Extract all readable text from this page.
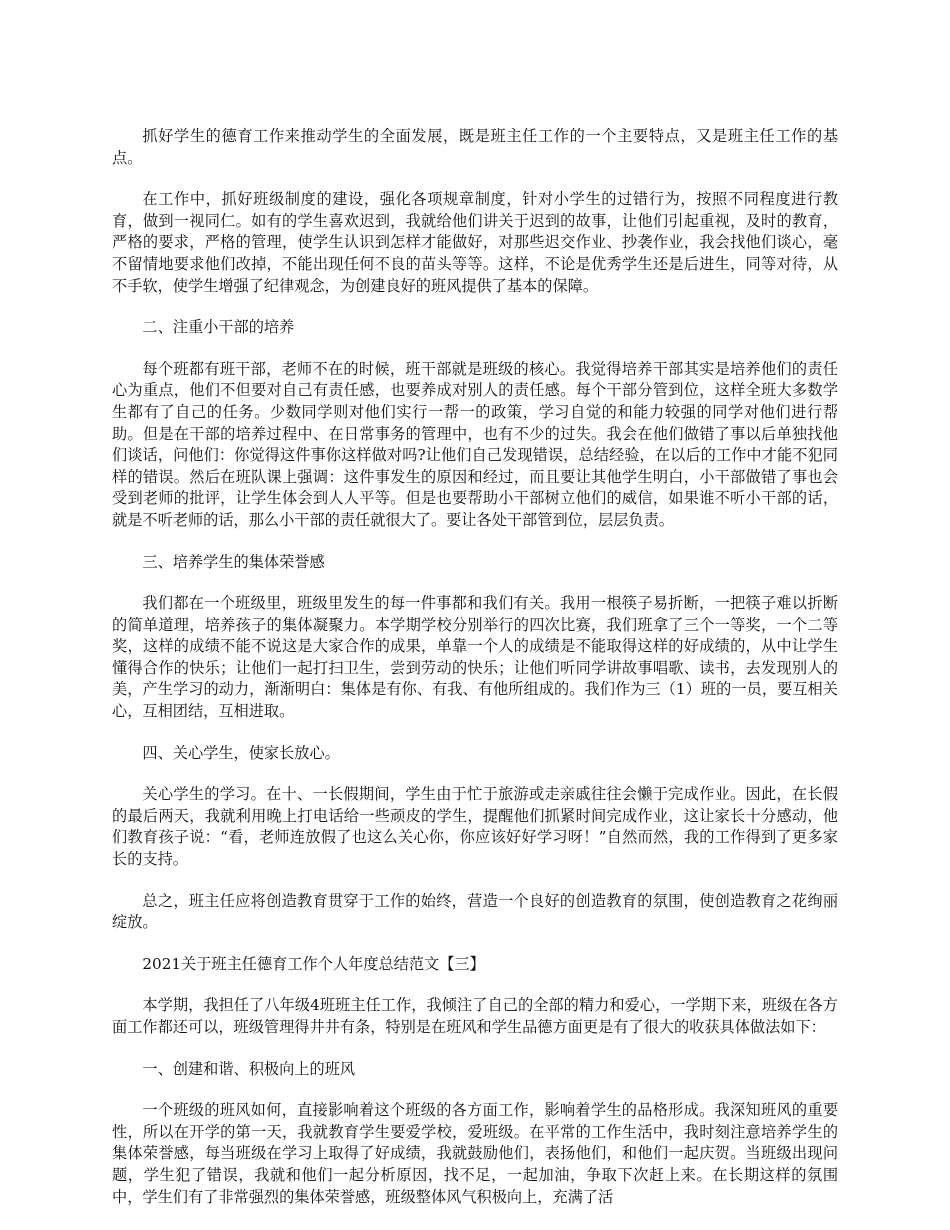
抓好学生的德育工作来推动学生的全面发展，既是班主任工作的一个主要特点，又是班主任工作的基点。

在工作中，抓好班级制度的建设，强化各项规章制度，针对小学生的过错行为，按照不同程度进行教育，做到一视同仁。如有的学生喜欢迟到，我就给他们讲关于迟到的故事，让他们引起重视，及时的教育，严格的要求，严格的管理，使学生认识到怎样才能做好，对那些迟交作业、抄袭作业，我会找他们谈心，毫不留情地要求他们改掉，不能出现任何不良的苗头等等。这样，不论是优秀学生还是后进生，同等对待，从不手软，使学生增强了纪律观念，为创建良好的班风提供了基本的保障。

二、注重小干部的培养

每个班都有班干部，老师不在的时候，班干部就是班级的核心。我觉得培养干部其实是培养他们的责任心为重点，他们不但要对自己有责任感，也要养成对别人的责任感。每个干部分管到位，这样全班大多数学生都有了自己的任务。少数同学则对他们实行一帮一的政策，学习自觉的和能力较强的同学对他们进行帮助。但是在干部的培养过程中、在日常事务的管理中，也有不少的过失。我会在他们做错了事以后单独找他们谈话，问他们：你觉得这件事你这样做对吗?让他们自己发现错误，总结经验，在以后的工作中才能不犯同样的错误。然后在班队课上强调：这件事发生的原因和经过，而且要让其他学生明白，小干部做错了事也会受到老师的批评，让学生体会到人人平等。但是也要帮助小干部树立他们的威信，如果谁不听小干部的话，就是不听老师的话，那么小干部的责任就很大了。要让各处干部管到位，层层负责。

三、培养学生的集体荣誉感

我们都在一个班级里，班级里发生的每一件事都和我们有关。我用一根筷子易折断，一把筷子难以折断的简单道理，培养孩子的集体凝聚力。本学期学校分别举行的四次比赛，我们班拿了三个一等奖，一个二等奖，这样的成绩不能不说这是大家合作的成果，单靠一个人的成绩是不能取得这样的好成绩的，从中让学生懂得合作的快乐；让他们一起打扫卫生，尝到劳动的快乐；让他们听同学讲故事唱歌、读书，去发现别人的美，产生学习的动力，渐渐明白：集体是有你、有我、有他所组成的。我们作为三（1）班的一员，要互相关心，互相团结，互相进取。

四、关心学生，使家长放心。

关心学生的学习。在十、一长假期间，学生由于忙于旅游或走亲戚往往会懒于完成作业。因此，在长假的最后两天，我就利用晚上打电话给一些顽皮的学生，提醒他们抓紧时间完成作业，这让家长十分感动，他们教育孩子说：“看，老师连放假了也这么关心你，你应该好好学习呀！”自然而然，我的工作得到了更多家长的支持。

总之，班主任应将创造教育贯穿于工作的始终，营造一个良好的创造教育的氛围，使创造教育之花绚丽绽放。

2021关于班主任德育工作个人年度总结范文【三】

本学期，我担任了八年级4班班主任工作，我倾注了自己的全部的精力和爱心，一学期下来，班级在各方面工作都还可以，班级管理得井井有条，特别是在班风和学生品德方面更是有了很大的收获具体做法如下：

一、创建和谐、积极向上的班风

一个班级的班风如何，直接影响着这个班级的各方面工作，影响着学生的品格形成。我深知班风的重要性，所以在开学的第一天，我就教育学生要爱学校，爱班级。在平常的工作生活中，我时刻注意培养学生的集体荣誉感，每当班级在学习上取得了好成绩，我就鼓励他们，表扬他们，和他们一起庆贺。当班级出现问题，学生犯了错误，我就和他们一起分析原因，找不足，一起加油，争取下次赶上来。在长期这样的氛围中，学生们有了非常强烈的集体荣誉感，班级整体风气积极向上，充满了活
